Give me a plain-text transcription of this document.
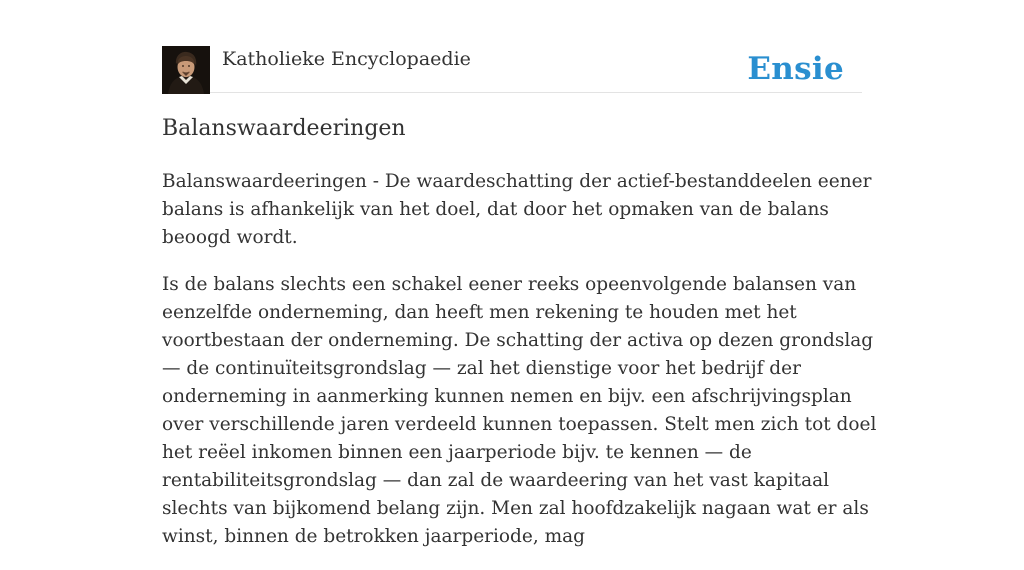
Katholieke Encyclopaedie	Ensie
Balanswaardeeringen

Balanswaardeeringen - De waardeschatting der actief-bestanddeelen eener balans is afhankelijk van het doel, dat door het opmaken van de balans beoogd wordt.

Is de balans slechts een schakel eener reeks opeenvolgende balansen van eenzelfde onderneming, dan heeft men rekening te houden met het voortbestaan der onderneming. De schatting der activa op dezen grondslag — de continuïteitsgrondslag — zal het dienstige voor het bedrijf der onderneming in aanmerking kunnen nemen en bijv. een afschrijvingsplan over verschillende jaren verdeeld kunnen toepassen. Stelt men zich tot doel het reëel inkomen binnen een jaarperiode bijv. te kennen — de rentabiliteitsgrondslag — dan zal de waardeering van het vast kapitaal slechts van bijkomend belang zijn. Men zal hoofdzakelijk nagaan wat er als winst, binnen de betrokken jaarperiode, mag
